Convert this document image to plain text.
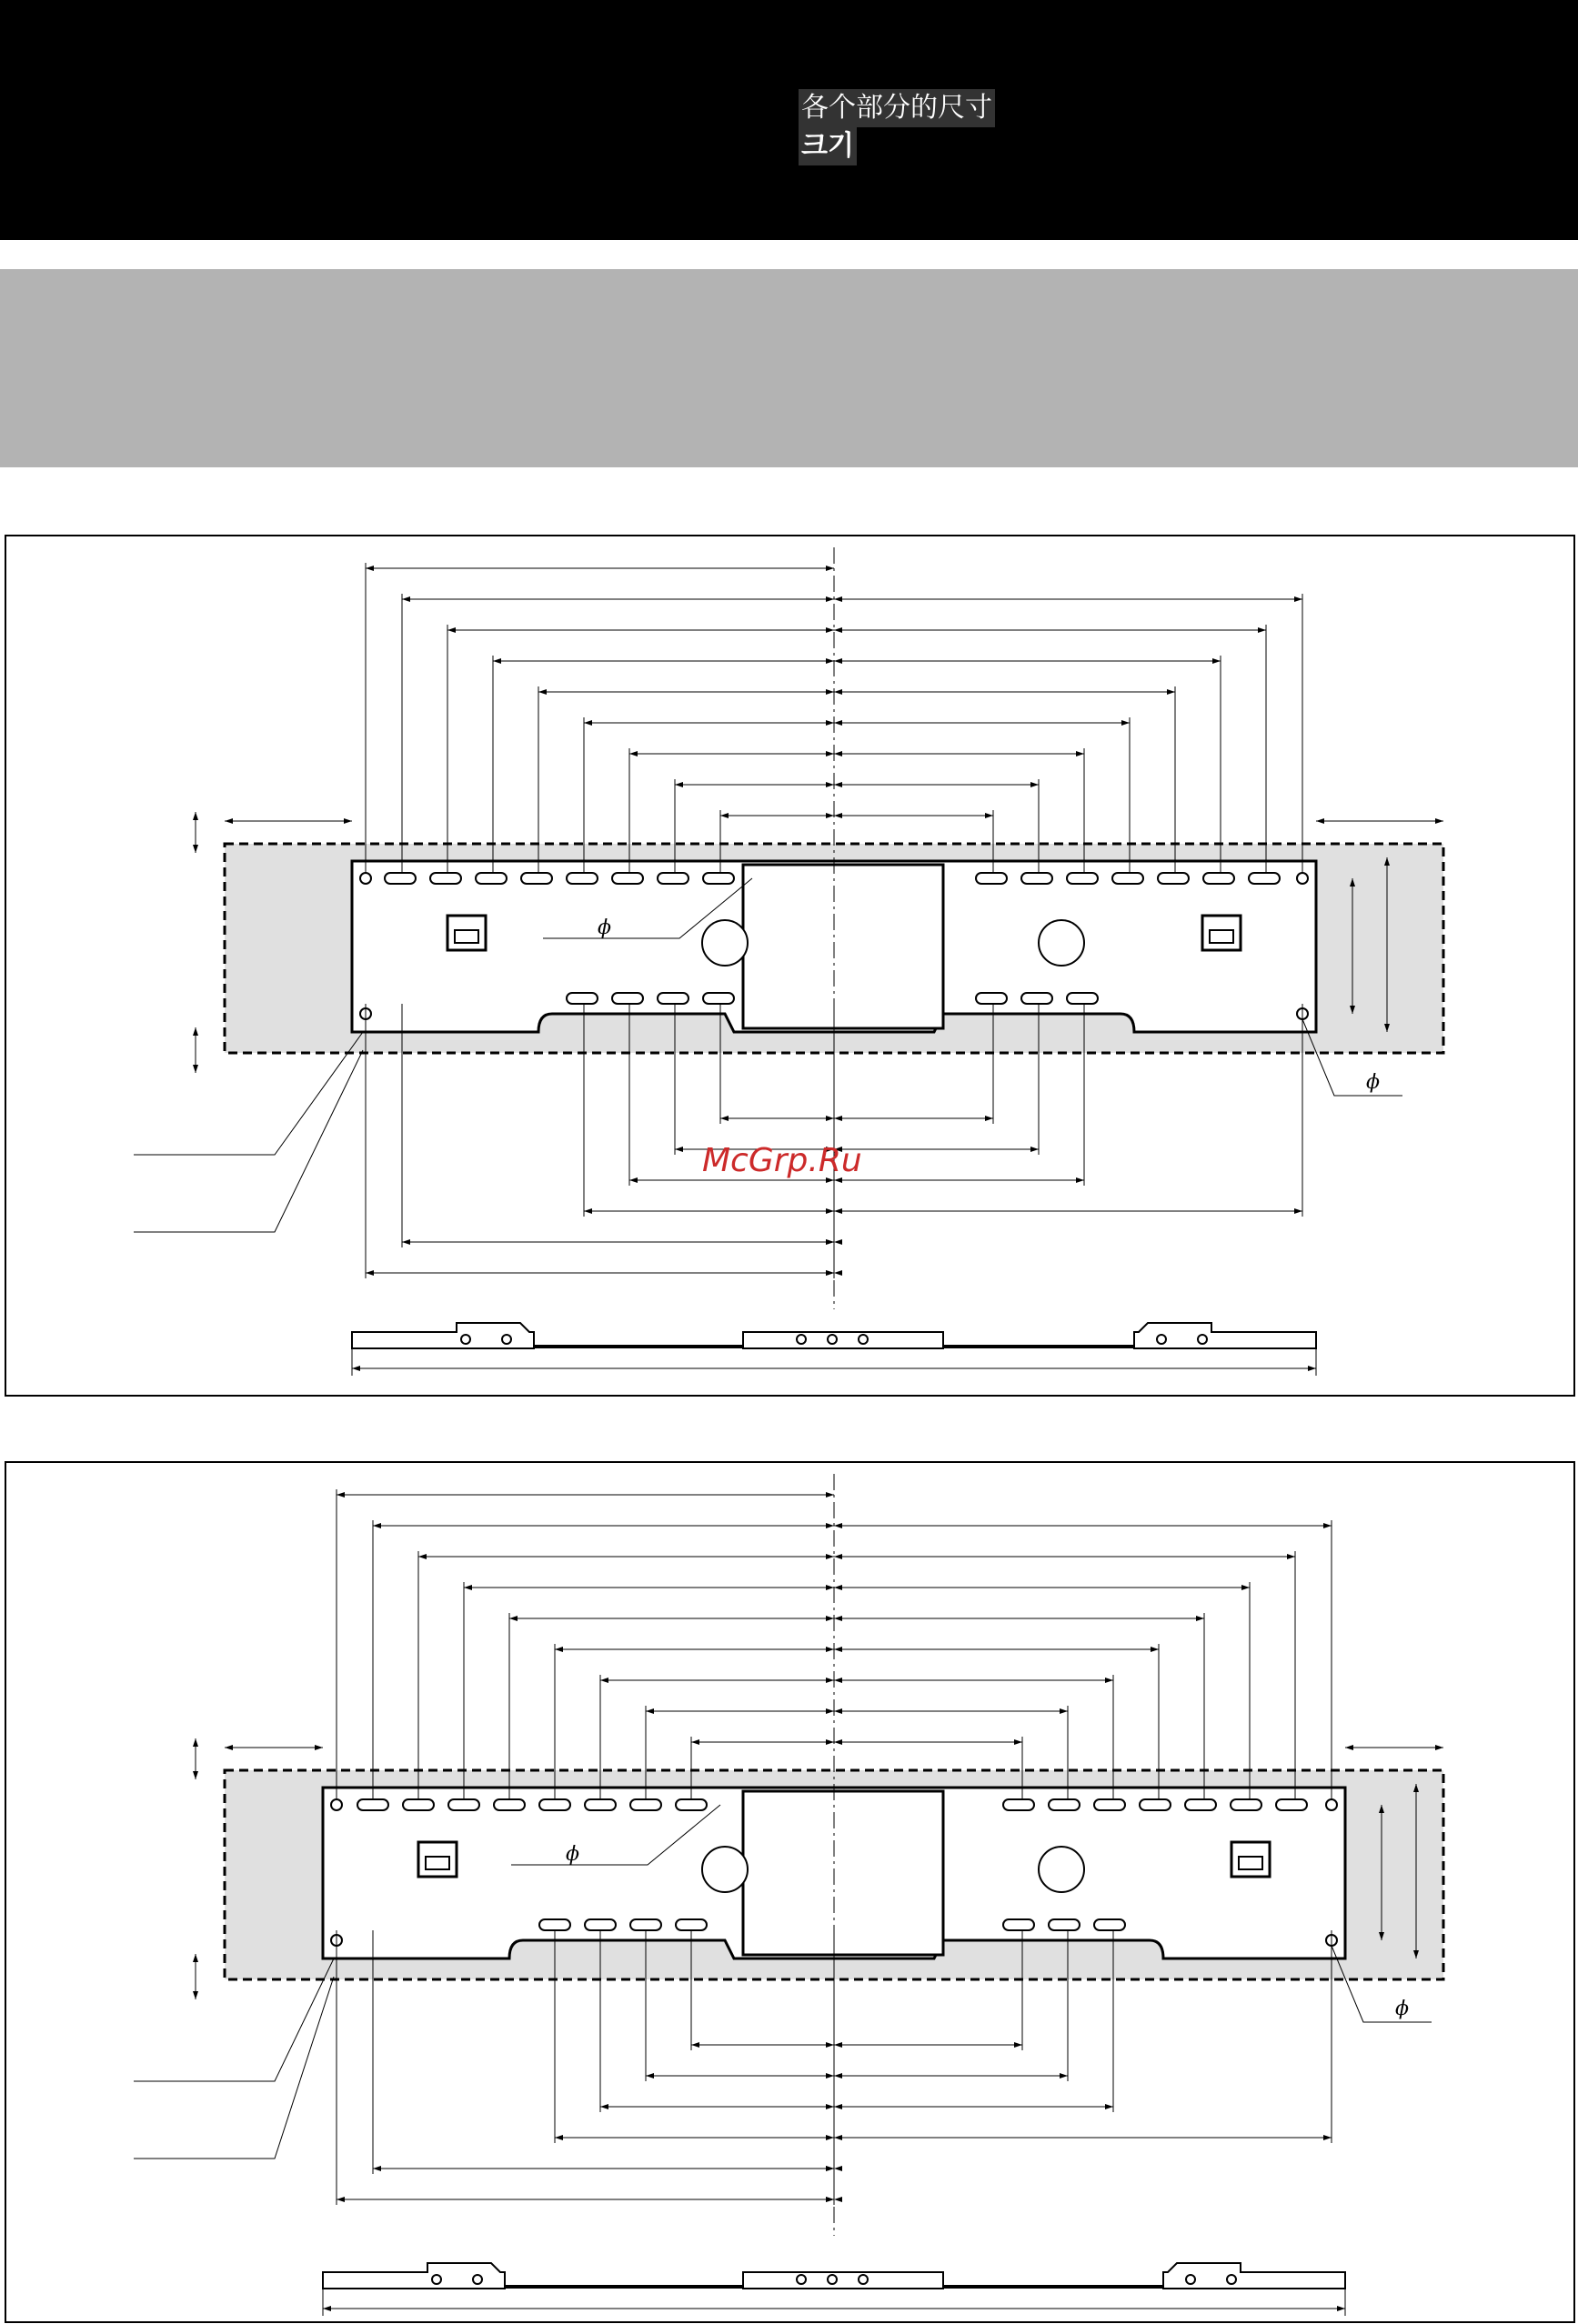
各个部分的尺寸
크기
ϕ
ϕ
ϕ
ϕ
McGrp.Ru
